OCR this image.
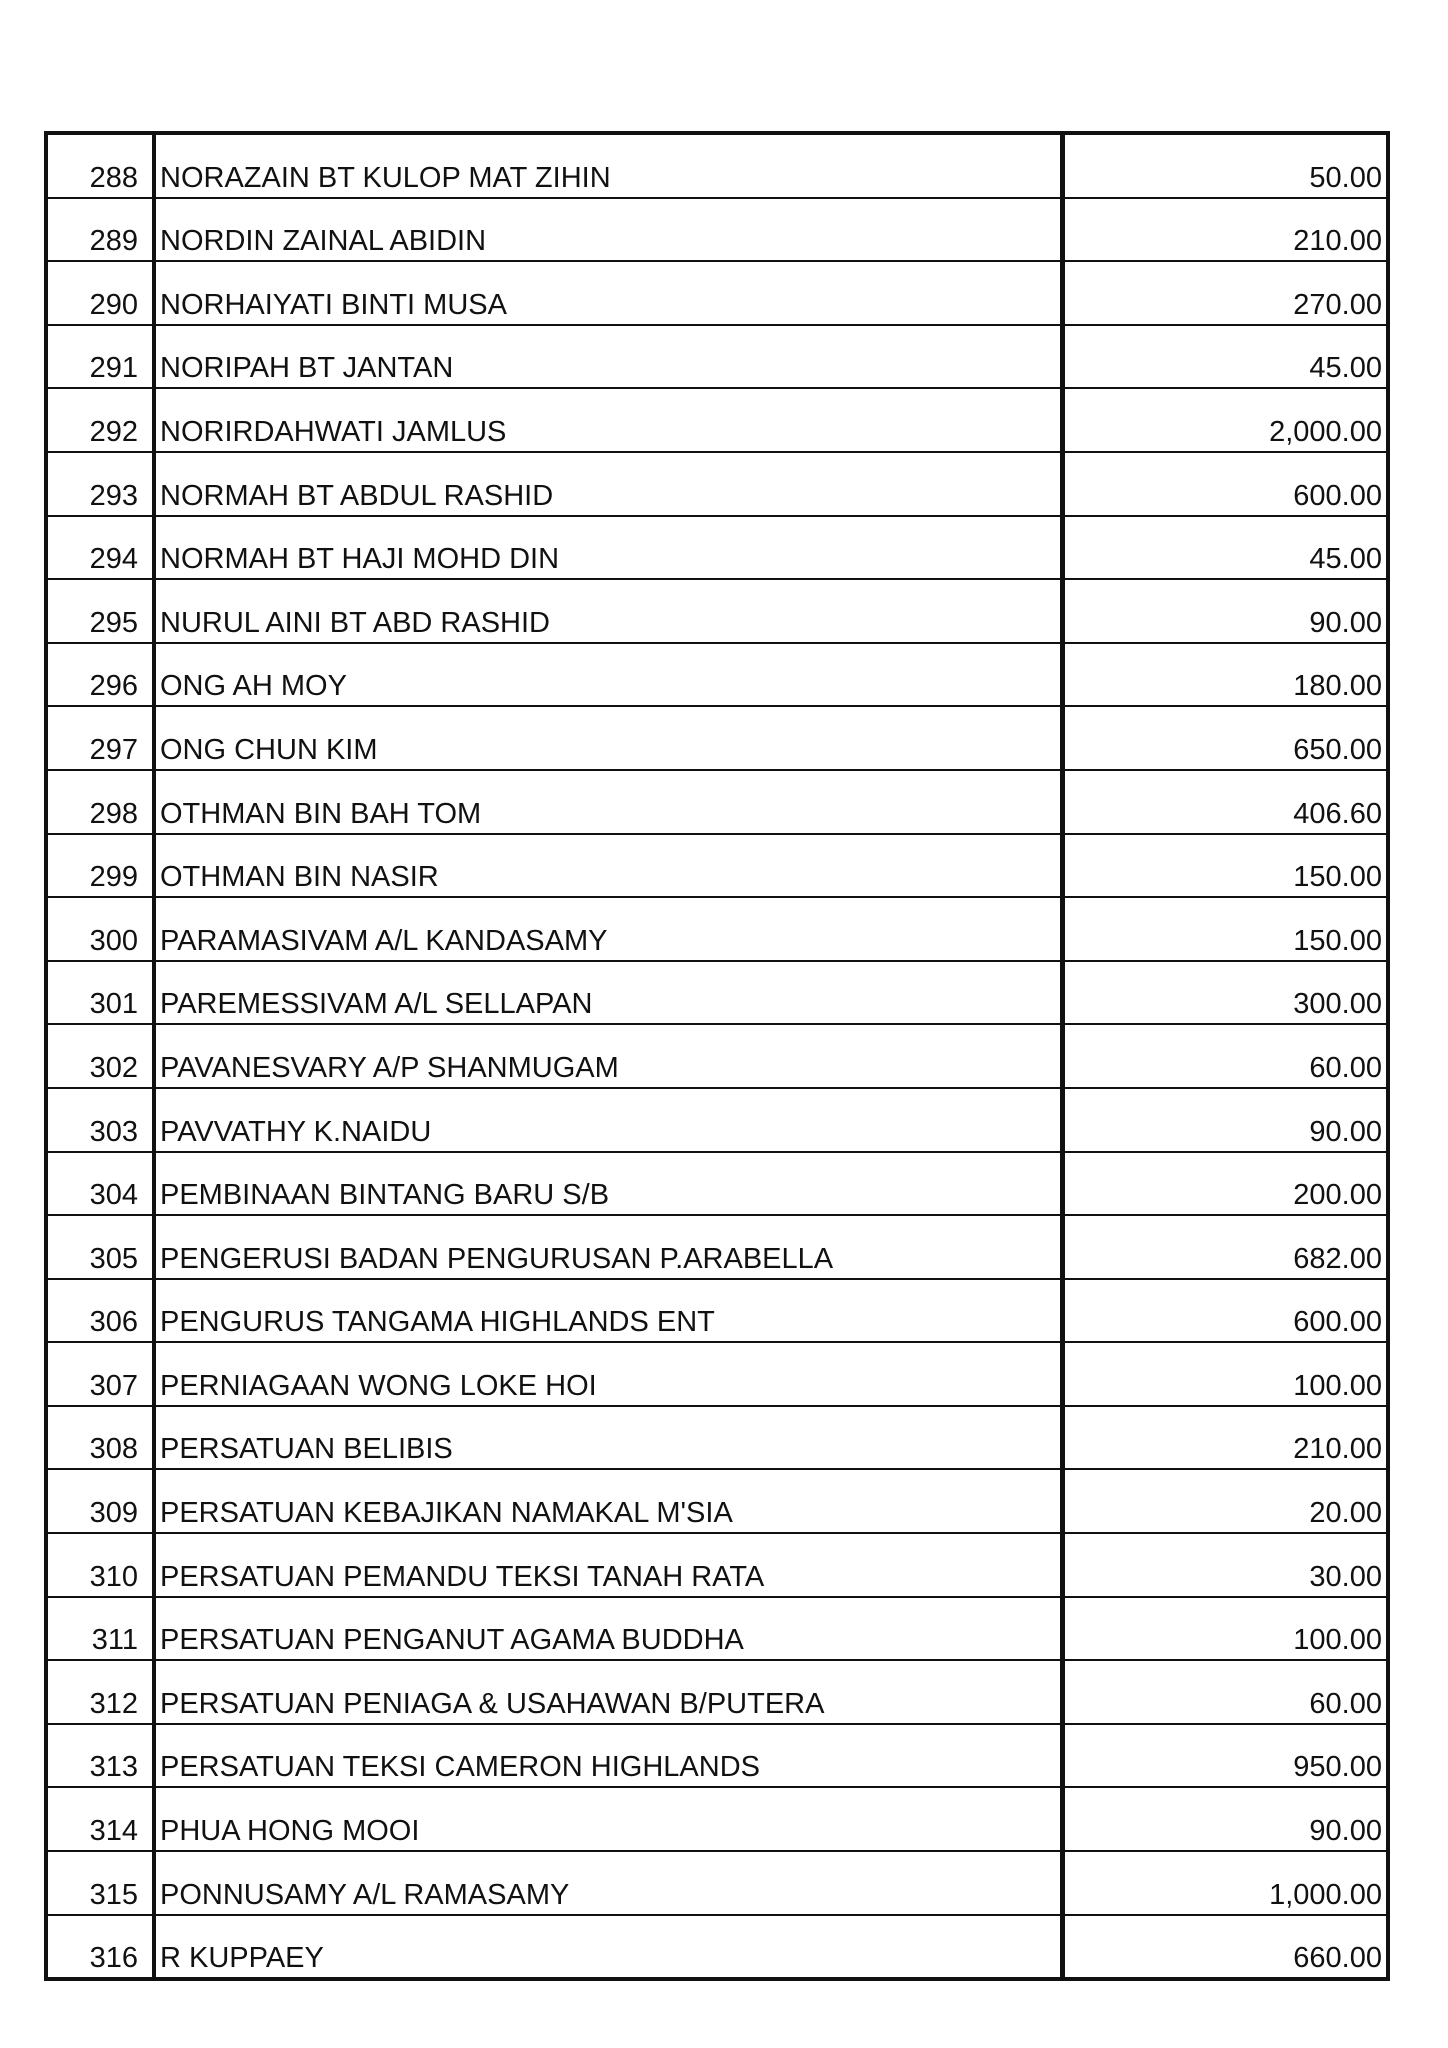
288	NORAZAIN BT KULOP MAT ZIHIN	50.00
289	NORDIN ZAINAL ABIDIN	210.00
290	NORHAIYATI BINTI MUSA	270.00
291	NORIPAH BT JANTAN	45.00
292	NORIRDAHWATI JAMLUS	2,000.00
293	NORMAH BT ABDUL RASHID	600.00
294	NORMAH BT HAJI MOHD DIN	45.00
295	NURUL AINI BT ABD RASHID	90.00
296	ONG AH MOY	180.00
297	ONG CHUN KIM	650.00
298	OTHMAN BIN BAH TOM	406.60
299	OTHMAN BIN NASIR	150.00
300	PARAMASIVAM A/L KANDASAMY	150.00
301	PAREMESSIVAM A/L SELLAPAN	300.00
302	PAVANESVARY A/P SHANMUGAM	60.00
303	PAVVATHY K.NAIDU	90.00
304	PEMBINAAN BINTANG BARU S/B	200.00
305	PENGERUSI BADAN PENGURUSAN P.ARABELLA	682.00
306	PENGURUS TANGAMA HIGHLANDS ENT	600.00
307	PERNIAGAAN WONG LOKE HOI	100.00
308	PERSATUAN BELIBIS	210.00
309	PERSATUAN KEBAJIKAN NAMAKAL M'SIA	20.00
310	PERSATUAN PEMANDU TEKSI TANAH RATA	30.00
311	PERSATUAN PENGANUT AGAMA BUDDHA	100.00
312	PERSATUAN PENIAGA & USAHAWAN B/PUTERA	60.00
313	PERSATUAN TEKSI CAMERON HIGHLANDS	950.00
314	PHUA HONG MOOI	90.00
315	PONNUSAMY A/L RAMASAMY	1,000.00
316	R KUPPAEY	660.00
